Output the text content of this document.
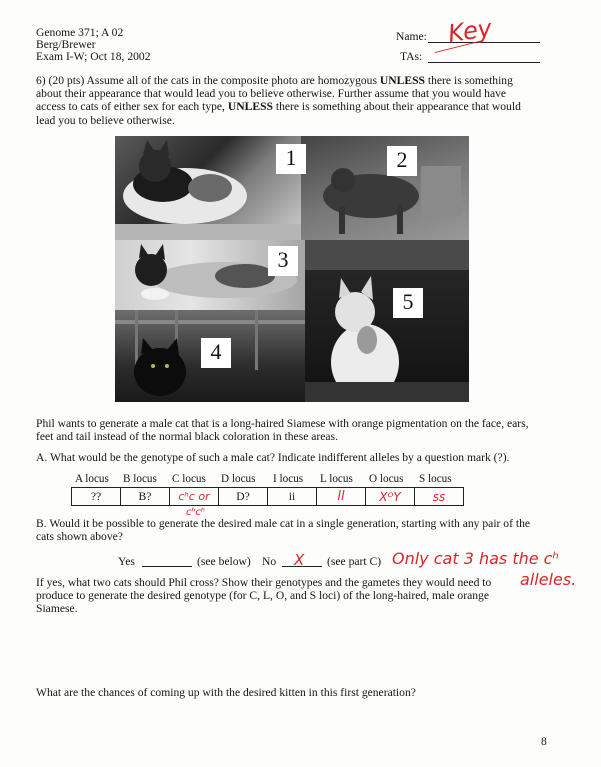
Genome 371; A 02
Berg/Brewer
Exam I-W; Oct 18, 2002
Name: Key
TAs:
6) (20 pts) Assume all of the cats in the composite photo are homozygous UNLESS there is something
about their appearance that would lead you to believe otherwise. Further assume that you would have
access to cats of either sex for each type, UNLESS there is something about their appearance that would
lead you to believe otherwise.
1	2
3
4
5
Phil wants to generate a male cat that is a long-haired Siamese with orange pigmentation on the face, ears,
feet and tail instead of the normal black coloration in these areas.
A. What would be the genotype of such a male cat? Indicate indifferent alleles by a question mark (?).
A locus B locus C locus D locus I locus L locus O locus S locus
??	B?	cʰc or	D?	ii	ll	XᴼY	ss
cʰcʰ
B. Would it be possible to generate the desired male cat in a single generation, starting with any pair of the
cats shown above?
Yes	(see below) No X (see part C) Only cat 3 has the cʰ
alleles.
If yes, what two cats should Phil cross? Show their genotypes and the gametes they would need to
produce to generate the desired genotype (for C, L, O, and S loci) of the long-haired, male orange
Siamese.
What are the chances of coming up with the desired kitten in this first generation?
8
